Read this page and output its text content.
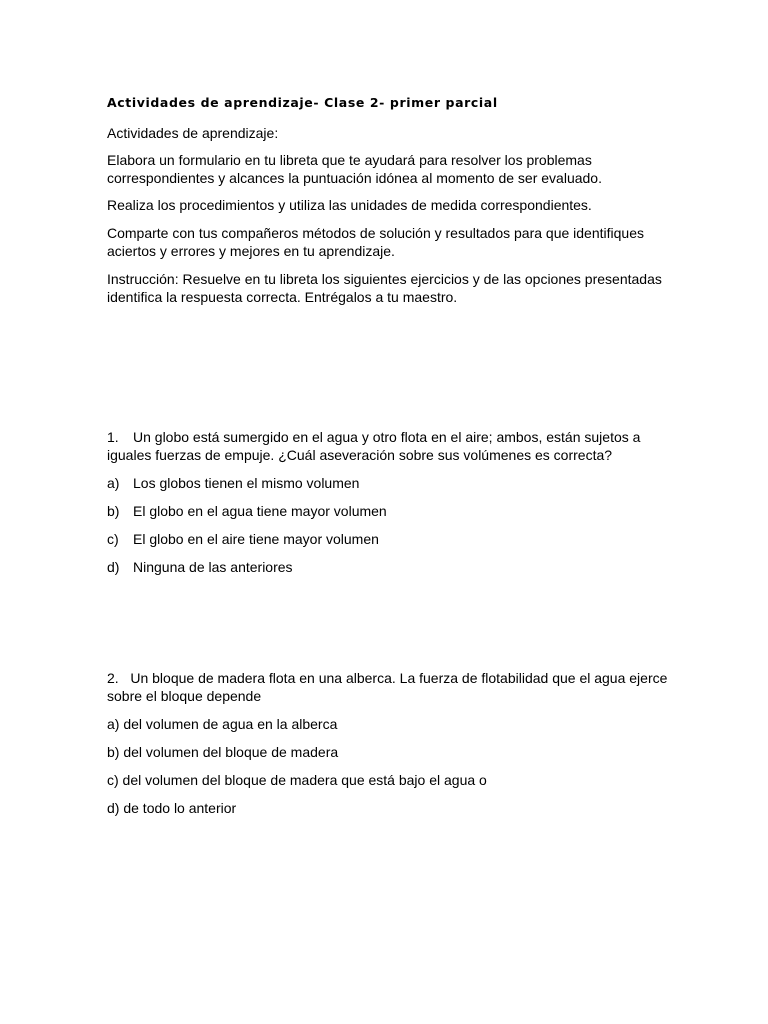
Actividades de aprendizaje- Clase 2- primer parcial
Actividades de aprendizaje:
Elabora un formulario en tu libreta que te ayudará para resolver los problemas
correspondientes y alcances la puntuación idónea al momento de ser evaluado.
Realiza los procedimientos y utiliza las unidades de medida correspondientes.
Comparte con tus compañeros métodos de solución y resultados para que identifiques
aciertos y errores y mejores en tu aprendizaje.
Instrucción: Resuelve en tu libreta los siguientes ejercicios y de las opciones presentadas
identifica la respuesta correcta. Entrégalos a tu maestro.
1. Un globo está sumergido en el agua y otro flota en el aire; ambos, están sujetos a
iguales fuerzas de empuje. ¿Cuál aseveración sobre sus volúmenes es correcta?
a) Los globos tienen el mismo volumen
b) El globo en el agua tiene mayor volumen
c) El globo en el aire tiene mayor volumen
d) Ninguna de las anteriores
2. Un bloque de madera flota en una alberca. La fuerza de flotabilidad que el agua ejerce
sobre el bloque depende
a) del volumen de agua en la alberca
b) del volumen del bloque de madera
c) del volumen del bloque de madera que está bajo el agua o
d) de todo lo anterior
